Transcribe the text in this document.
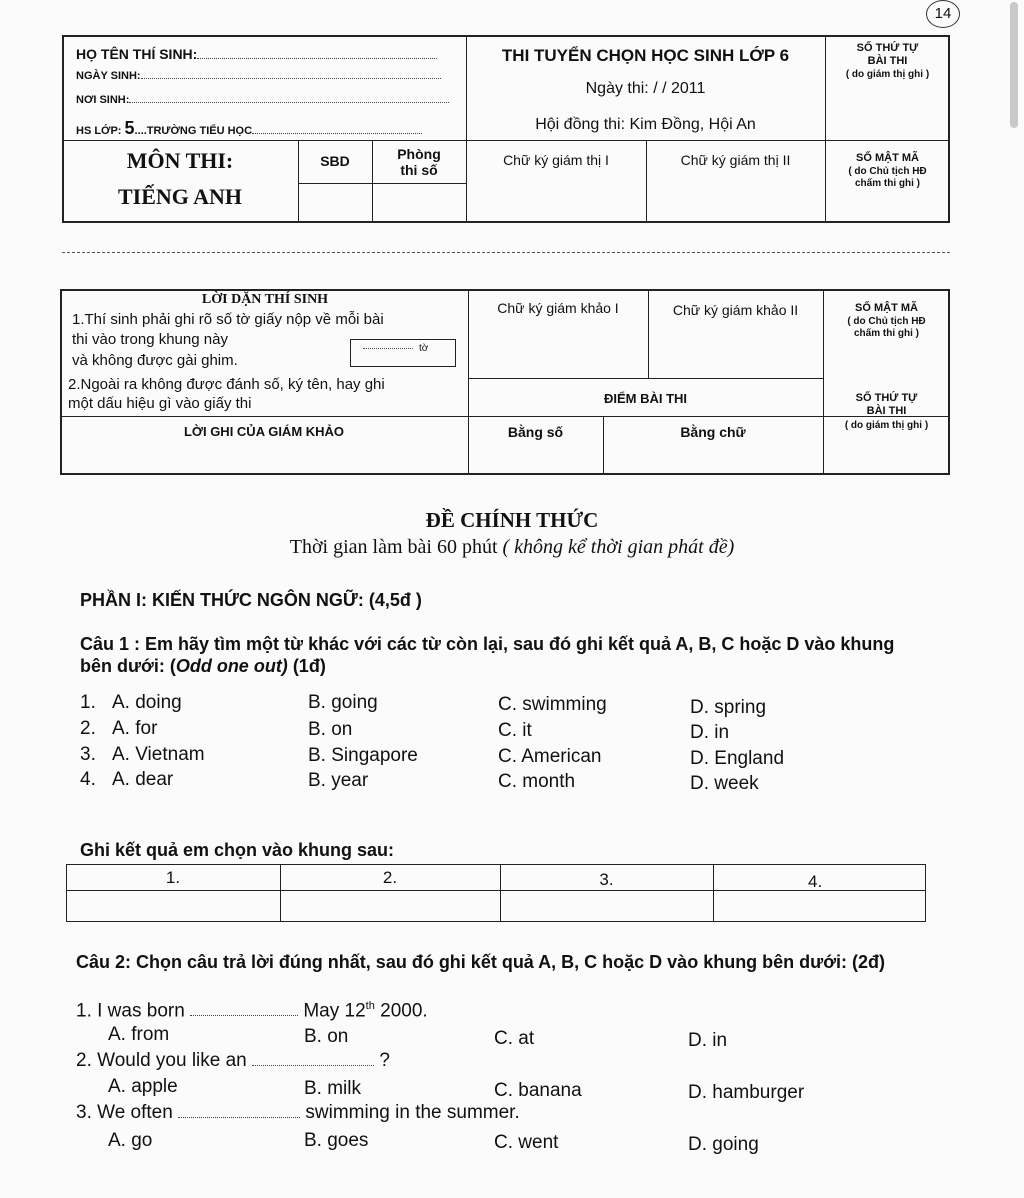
14
HỌ TÊN THÍ SINH:
NGÀY SINH:
NƠI SINH:
HS LỚP: 5....TRƯỜNG TIỂU HỌC
THI TUYỂN CHỌN HỌC SINH LỚP 6
Ngày thi: / / 2011
Hội đồng thi: Kim Đồng, Hội An
SỐ THỨ TỰ
BÀI THI
( do giám thị ghi )
MÔN THI:
TIẾNG ANH
SBD	Phòng
thi số
Chữ ký giám thị I	Chữ ký giám thị II	SỐ MẬT MÃ
( do Chủ tịch HĐ
chấm thi ghi )
LỜI DẶN THÍ SINH
1.Thí sinh phải ghi rõ số tờ giấy nộp về mỗi bài
thi vào trong khung này
và không được gài ghim.
tờ
2.Ngoài ra không được đánh số, ký tên, hay ghi
một dấu hiệu gì vào giấy thi
Chữ ký giám khảo I	Chữ ký giám khảo II	SỐ MẬT MÃ
( do Chủ tịch HĐ
chấm thi ghi )
ĐIỂM BÀI THI	SỐ THỨ TỰ
BÀI THI
( do giám thị ghi )
LỜI GHI CỦA GIÁM KHẢO	Bằng số	Bằng chữ
ĐỀ CHÍNH THỨC
Thời gian làm bài 60 phút ( không kể thời gian phát đề)
PHẦN I: KIẾN THỨC NGÔN NGỮ: (4,5đ )
Câu 1 : Em hãy tìm một từ khác với các từ còn lại, sau đó ghi kết quả A, B, C hoặc D vào khung
bên dưới: (Odd one out) (1đ)
1. A. doing	B. going	C. swimming	D. spring
2. A. for	B. on	C. it	D. in
3. A. Vietnam	B. Singapore	C. American	D. England
4. A. dear	B. year	C. month	D. week
Ghi kết quả em chọn vào khung sau:
1.	2.	3.	4.
Câu 2: Chọn câu trả lời đúng nhất, sau đó ghi kết quả A, B, C hoặc D vào khung bên dưới: (2đ)
1. I was born	May 12th 2000.
A. from	B. on	C. at	D. in
2. Would you like an	?
A. apple	B. milk	C. banana	D. hamburger
3. We often	swimming in the summer.
A. go	B. goes	C. went	D. going
